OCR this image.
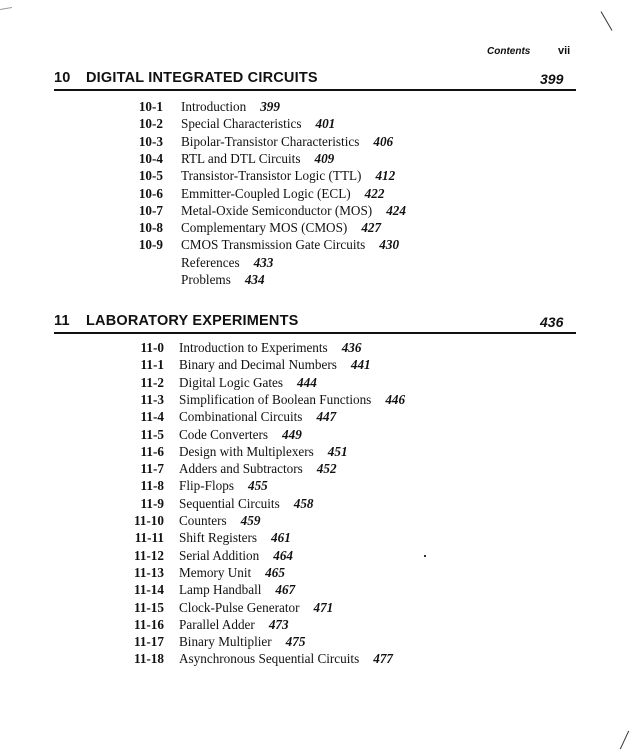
Contents	vii
10 DIGITAL INTEGRATED CIRCUITS	399
10-1 Introduction 399
10-2 Special Characteristics 401
10-3 Bipolar-Transistor Characteristics 406
10-4 RTL and DTL Circuits 409
10-5 Transistor-Transistor Logic (TTL) 412
10-6 Emmitter-Coupled Logic (ECL) 422
10-7 Metal-Oxide Semiconductor (MOS) 424
10-8 Complementary MOS (CMOS) 427
10-9 CMOS Transmission Gate Circuits 430
References 433
Problems 434
11 LABORATORY EXPERIMENTS	436
11-0 Introduction to Experiments 436
11-1 Binary and Decimal Numbers 441
11-2 Digital Logic Gates 444
11-3 Simplification of Boolean Functions 446
11-4 Combinational Circuits 447
11-5 Code Converters 449
11-6 Design with Multiplexers 451
11-7 Adders and Subtractors 452
11-8 Flip-Flops 455
11-9 Sequential Circuits 458
11-10 Counters 459
11-11 Shift Registers 461
11-12 Serial Addition 464
11-13 Memory Unit 465
11-14 Lamp Handball 467
11-15 Clock-Pulse Generator 471
11-16 Parallel Adder 473
11-17 Binary Multiplier 475
11-18 Asynchronous Sequential Circuits 477
